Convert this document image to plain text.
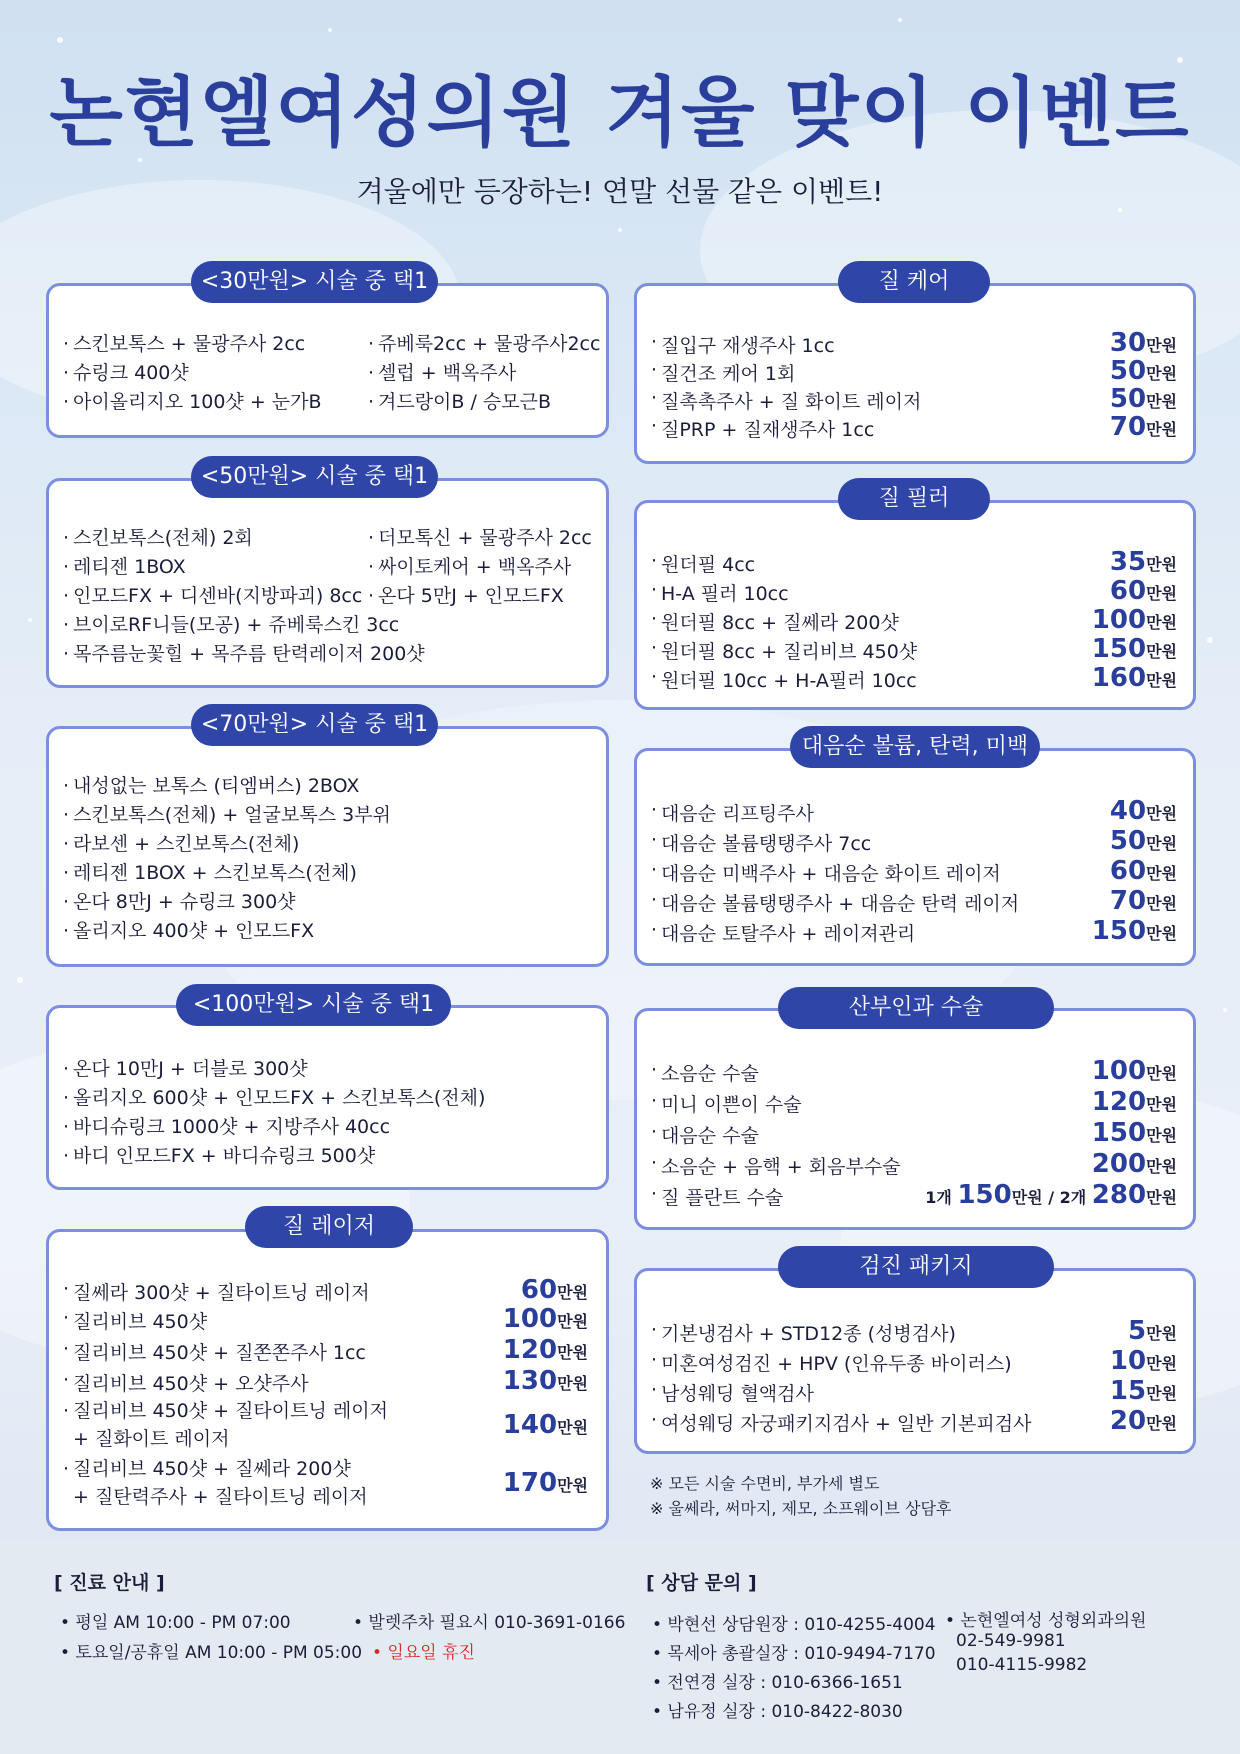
논현엘여성의원 겨울 맞이 이벤트
겨울에만 등장하는! 연말 선물 같은 이벤트!
· 스킨보톡스 + 물광주사 2cc	· 쥬베룩2cc + 물광주사2cc
· 슈링크 400샷	· 셀럽 + 백옥주사
· 아이올리지오 100샷 + 눈가B	· 겨드랑이B / 승모근B
<30만원> 시술 중 택1
· 스킨보톡스(전체) 2회	· 더모톡신 + 물광주사 2cc
· 레티젠 1BOX	· 싸이토케어 + 백옥주사
· 인모드FX + 디센바(지방파괴) 8cc · 온다 5만J + 인모드FX
· 브이로RF니들(모공) + 쥬베룩스킨 3cc
· 목주름눈꽃힐 + 목주름 탄력레이저 200샷
<50만원> 시술 중 택1
· 내성없는 보톡스 (티엠버스) 2BOX
· 스킨보톡스(전체) + 얼굴보톡스 3부위
· 라보센 + 스킨보톡스(전체)
· 레티젠 1BOX + 스킨보톡스(전체)
· 온다 8만J + 슈링크 300샷
· 올리지오 400샷 + 인모드FX
<70만원> 시술 중 택1
· 온다 10만J + 더블로 300샷
· 올리지오 600샷 + 인모드FX + 스킨보톡스(전체)
· 바디슈링크 1000샷 + 지방주사 40cc
· 바디 인모드FX + 바디슈링크 500샷
<100만원> 시술 중 택1
· 질쎄라 300샷 + 질타이트닝 레이저	60만원
· 질리비브 450샷	100만원
· 질리비브 450샷 + 질쫀쫀주사 1cc	120만원
· 질리비브 450샷 + 오샷주사	130만원
· 질리비브 450샷 + 질타이트닝 레이저
+ 질화이트 레이저	140만원
· 질리비브 450샷 + 질쎄라 200샷
+ 질탄력주사 + 질타이트닝 레이저	170만원
질 레이저
· 질입구 재생주사 1cc	30만원
· 질건조 케어 1회	50만원
· 질촉촉주사 + 질 화이트 레이저	50만원
· 질PRP + 질재생주사 1cc	70만원
질 케어
· 원더필 4cc	35만원
· H-A 필러 10cc	60만원
· 원더필 8cc + 질쎄라 200샷	100만원
· 원더필 8cc + 질리비브 450샷	150만원
· 원더필 10cc + H-A필러 10cc	160만원
질 필러
· 대음순 리프팅주사	40만원
· 대음순 볼륨탱탱주사 7cc	50만원
· 대음순 미백주사 + 대음순 화이트 레이저	60만원
· 대음순 볼륨탱탱주사 + 대음순 탄력 레이저	70만원
· 대음순 토탈주사 + 레이져관리	150만원
대음순 볼륨, 탄력, 미백
· 소음순 수술	100만원
· 미니 이쁜이 수술	120만원
· 대음순 수술	150만원
· 소음순 + 음핵 + 회음부수술	200만원
· 질 플란트 수술	1개 150만원 / 2개 280만원
산부인과 수술
· 기본냉검사 + STD12종 (성병검사)	5만원
· 미혼여성검진 + HPV (인유두종 바이러스)	10만원
· 남성웨딩 혈액검사	15만원
· 여성웨딩 자궁패키지검사 + 일반 기본피검사	20만원
검진 패키지
※ 모든 시술 수면비, 부가세 별도
※ 울쎄라, 써마지, 제모, 소프웨이브 상담후
[ 진료 안내 ]
• 평일 AM 10:00 - PM 07:00
• 토요일/공휴일 AM 10:00 - PM 05:00
• 발렛주차 필요시 010-3691-0166
• 일요일 휴진
[ 상담 문의 ]
• 박현선 상담원장 : 010-4255-4004
• 목세아 총괄실장 : 010-9494-7170
• 전연경 실장 : 010-6366-1651
• 남유정 실장 : 010-8422-8030
• 논현엘여성 성형외과의원
02-549-9981
010-4115-9982
